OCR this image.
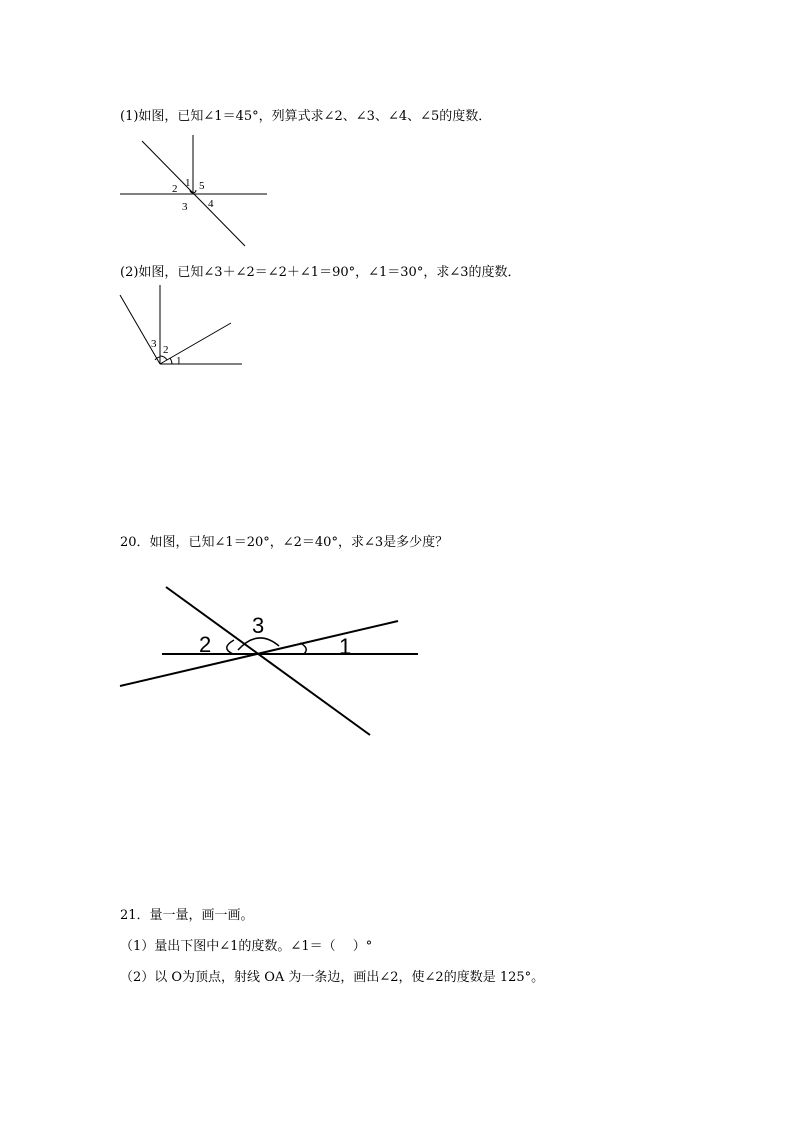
(1)如图，已知∠1＝45°，列算式求∠2、∠3、∠4、∠5的度数．
1 5
2
3 4
(2)如图，已知∠3＋∠2＝∠2＋∠1＝90°，∠1＝30°，求∠3的度数．
3 2
1
20．如图，已知∠1＝20°，∠2＝40°，求∠3是多少度？
3
2	1
21．量一量，画一画。
（1）量出下图中∠1的度数。∠1＝（　 ）°
（2）以 O为顶点，射线 OA 为一条边，画出∠2，使∠2的度数是 125°。
